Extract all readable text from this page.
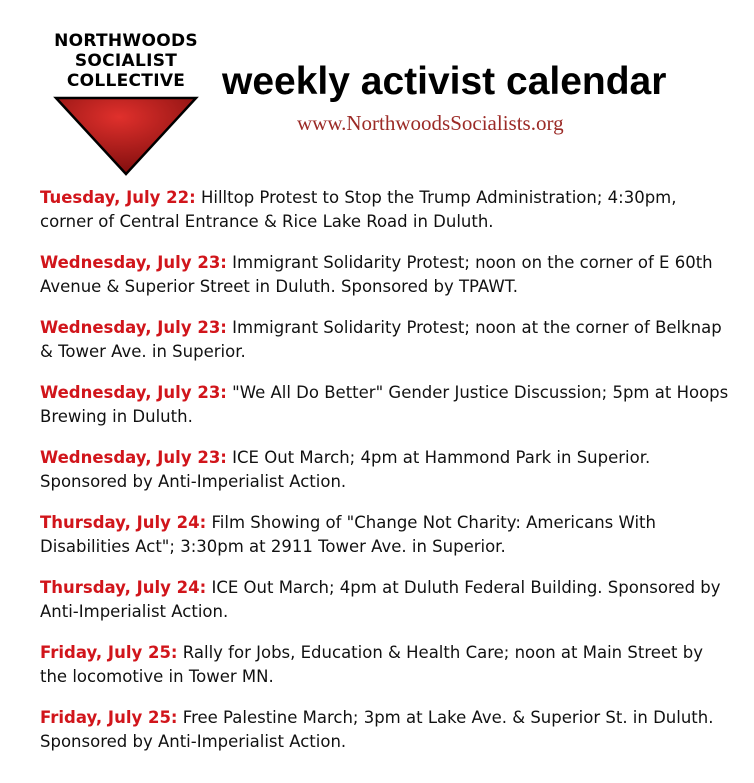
NORTHWOODS
SOCIALIST
COLLECTIVE weekly activist calendar
www.NorthwoodsSocialists.org

Tuesday, July 22: Hilltop Protest to Stop the Trump Administration; 4:30pm, corner of Central Entrance & Rice Lake Road in Duluth.

Wednesday, July 23: Immigrant Solidarity Protest; noon on the corner of E 60th Avenue & Superior Street in Duluth. Sponsored by TPAWT.

Wednesday, July 23: Immigrant Solidarity Protest; noon at the corner of Belknap & Tower Ave. in Superior.

Wednesday, July 23: "We All Do Better" Gender Justice Discussion; 5pm at Hoops Brewing in Duluth.

Wednesday, July 23: ICE Out March; 4pm at Hammond Park in Superior. Sponsored by Anti-Imperialist Action.

Thursday, July 24: Film Showing of "Change Not Charity: Americans With Disabilities Act"; 3:30pm at 2911 Tower Ave. in Superior.

Thursday, July 24: ICE Out March; 4pm at Duluth Federal Building. Sponsored by Anti-Imperialist Action.

Friday, July 25: Rally for Jobs, Education & Health Care; noon at Main Street by the locomotive in Tower MN.

Friday, July 25: Free Palestine March; 3pm at Lake Ave. & Superior St. in Duluth. Sponsored by Anti-Imperialist Action.
